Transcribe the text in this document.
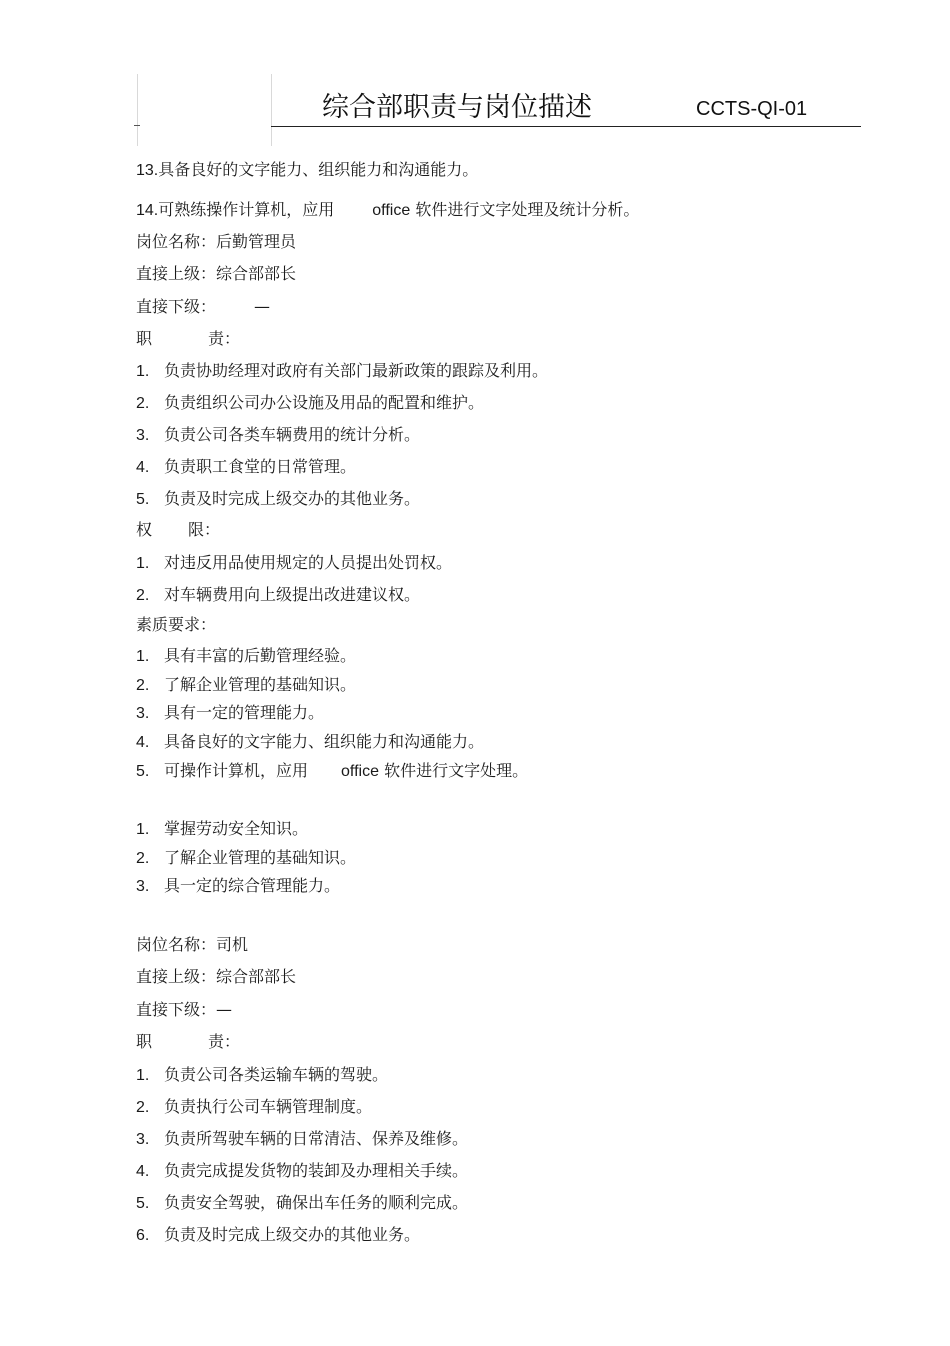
综合部职责与岗位描述	CCTS-QI-01
13.具备良好的文字能力、组织能力和沟通能力。
14.可熟练操作计算机，应用 office 软件进行文字处理及统计分析。
岗位名称：后勤管理员
直接上级：综合部部长
直接下级： —
职	责：
1. 负责协助经理对政府有关部门最新政策的跟踪及利用。
2. 负责组织公司办公设施及用品的配置和维护。
3. 负责公司各类车辆费用的统计分析。
4. 负责职工食堂的日常管理。
5. 负责及时完成上级交办的其他业务。
权 限：
1. 对违反用品使用规定的人员提出处罚权。
2. 对车辆费用向上级提出改进建议权。
素质要求：
1. 具有丰富的后勤管理经验。
2. 了解企业管理的基础知识。
3. 具有一定的管理能力。
4. 具备良好的文字能力、组织能力和沟通能力。
5. 可操作计算机，应用 office 软件进行文字处理。
1. 掌握劳动安全知识。
2. 了解企业管理的基础知识。
3. 具一定的综合管理能力。
岗位名称：司机
直接上级：综合部部长
直接下级：—
职	责：
1. 负责公司各类运输车辆的驾驶。
2. 负责执行公司车辆管理制度。
3. 负责所驾驶车辆的日常清洁、保养及维修。
4. 负责完成提发货物的装卸及办理相关手续。
5. 负责安全驾驶，确保出车任务的顺利完成。
6. 负责及时完成上级交办的其他业务。
